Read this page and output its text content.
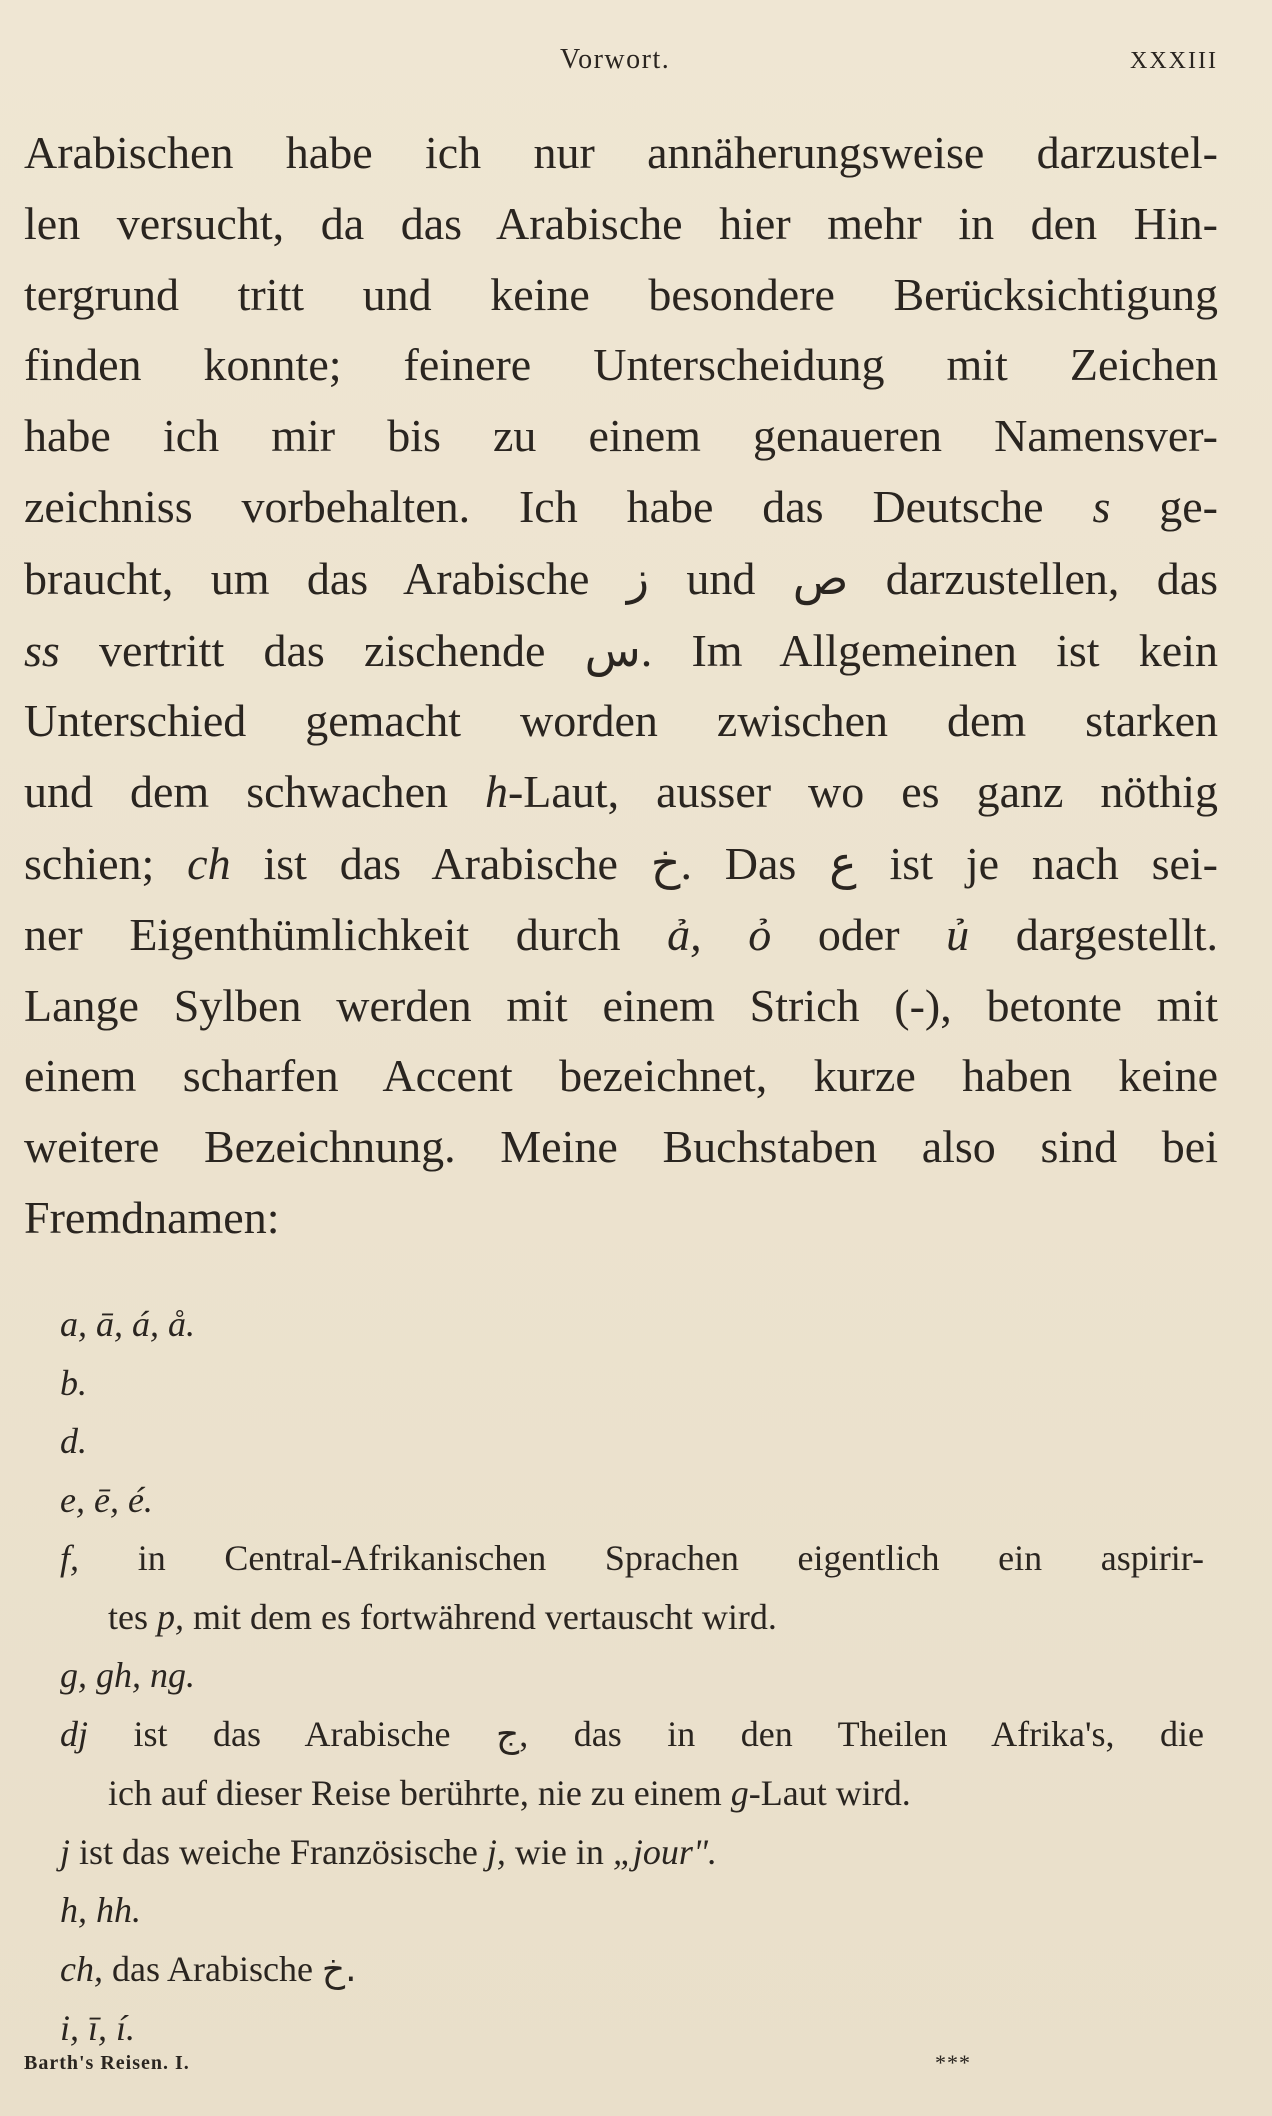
Vorwort.	XXXIII

Arabischen habe ich nur annäherungsweise darzustel-

len versucht, da das Arabische hier mehr in den Hin-

tergrund tritt und keine besondere Berücksichtigung

finden konnte; feinere Unterscheidung mit Zeichen

habe ich mir bis zu einem genaueren Namensver-

zeichniss vorbehalten. Ich habe das Deutsche s ge-

braucht, um das Arabische ز und ص darzustellen, das

ss vertritt das zischende س. Im Allgemeinen ist kein

Unterschied gemacht worden zwischen dem starken

und dem schwachen h-Laut, ausser wo es ganz nöthig

schien; ch ist das Arabische خ. Das ع ist je nach sei-

ner Eigenthümlichkeit durch ả, ỏ oder ủ dargestellt.

Lange Sylben werden mit einem Strich (-), betonte mit

einem scharfen Accent bezeichnet, kurze haben keine

weitere Bezeichnung. Meine Buchstaben also sind bei

Fremdnamen:

a, ā, á, å.

b.

d.

e, ē, é.

f, in Central-Afrikanischen Sprachen eigentlich ein aspirir-

tes p, mit dem es fortwährend vertauscht wird.

g, gh, ng.

dj ist das Arabische ج, das in den Theilen Afrika's, die

ich auf dieser Reise berührte, nie zu einem g-Laut wird.

j ist das weiche Französische j, wie in „jour".

h, hh.

ch, das Arabische خ.

i, ī, í.

Barth's Reisen. I.	***
